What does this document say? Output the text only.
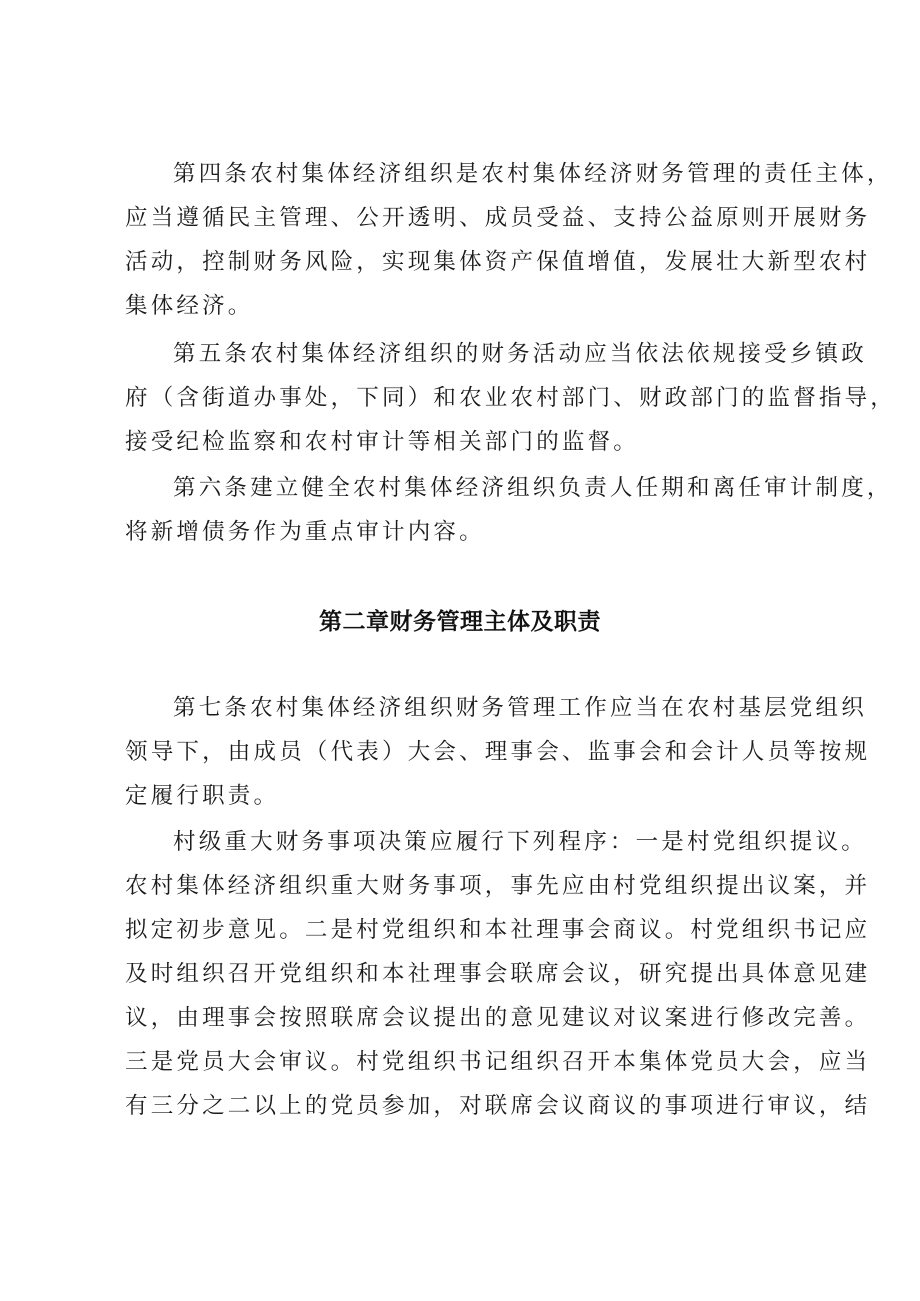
第四条农村集体经济组织是农村集体经济财务管理的责任主体，
应当遵循民主管理、公开透明、成员受益、支持公益原则开展财务
活动，控制财务风险，实现集体资产保值增值，发展壮大新型农村
集体经济。
第五条农村集体经济组织的财务活动应当依法依规接受乡镇政
府（含街道办事处，下同）和农业农村部门、财政部门的监督指导，
接受纪检监察和农村审计等相关部门的监督。
第六条建立健全农村集体经济组织负责人任期和离任审计制度，
将新增债务作为重点审计内容。
第二章财务管理主体及职责
第七条农村集体经济组织财务管理工作应当在农村基层党组织
领导下，由成员（代表）大会、理事会、监事会和会计人员等按规
定履行职责。
村级重大财务事项决策应履行下列程序：一是村党组织提议。
农村集体经济组织重大财务事项，事先应由村党组织提出议案，并
拟定初步意见。二是村党组织和本社理事会商议。村党组织书记应
及时组织召开党组织和本社理事会联席会议，研究提出具体意见建
议，由理事会按照联席会议提出的意见建议对议案进行修改完善。
三是党员大会审议。村党组织书记组织召开本集体党员大会，应当
有三分之二以上的党员参加，对联席会议商议的事项进行审议，结
